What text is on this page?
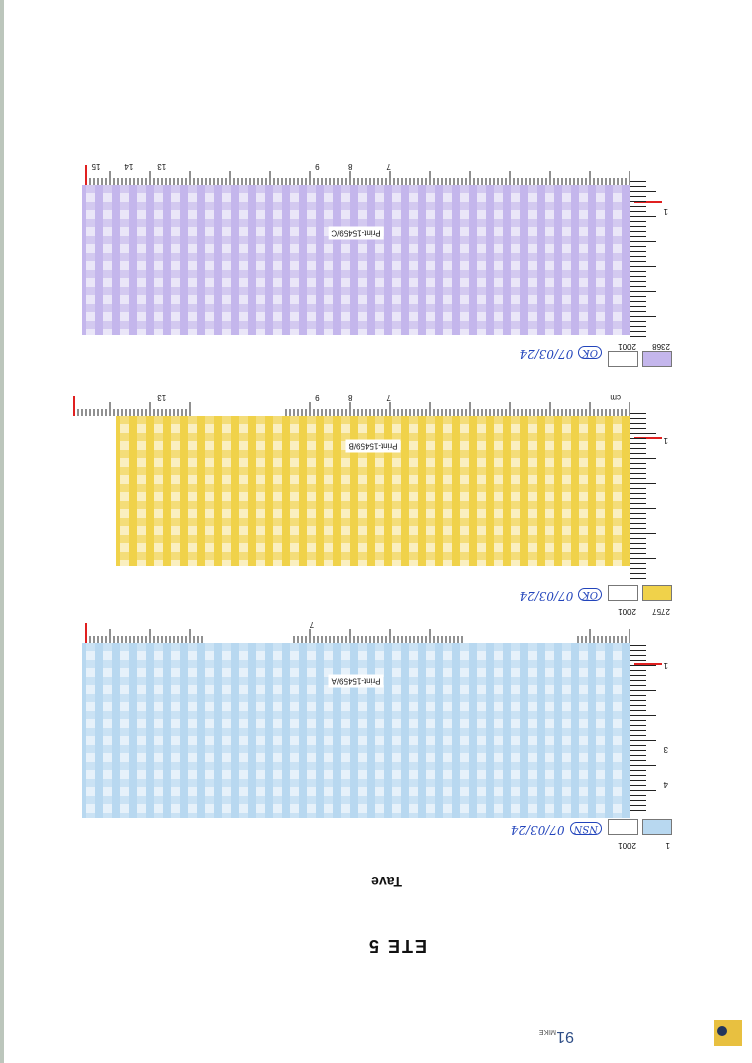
ETE 5
Tave
1
2001
NSN07/03/24
4
3
1
Print-15459/A
7
2757
2001
OK07/03/24
1
Print-15459/B
cm
7
8
9
13
2368
2001
OK07/03/24
1
Print-15459/C
7
8
9
13
14
15
91
MIKE
